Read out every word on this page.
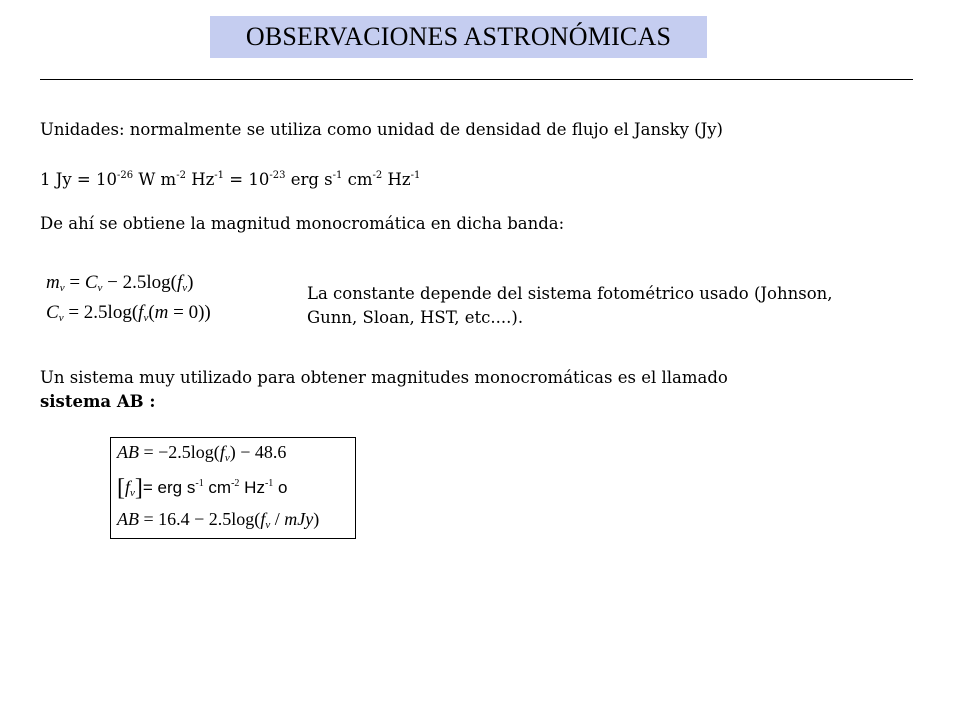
OBSERVACIONES ASTRONÓMICAS
Unidades: normalmente se utiliza como unidad de densidad de flujo el Jansky (Jy)
1 $Jy = 10^{-26}$ W $m^{-2}$ $Hz^{-1} = 10^{-23}$ erg $s^{-1}$ $cm^{-2}$ $Hz^{-1}$
De ahí se obtiene la magnitud monocromática en dicha banda:
mν = Cν − 2.5log(fν)
Cν = 2.5log(fν(m = 0))
La constante depende del sistema fotométrico usado (Johnson,
Gunn, Sloan, HST, etc....).
Un sistema muy utilizado para obtener magnitudes monocromáticas es el llamado
sistema AB :
AB = −2.5log(fν) − 48.6
[fν]= erg $s^{-1}$ $cm^{-2}$ $Hz^{-1}$ o
AB = 16.4 − 2.5log(fν / mJy)
